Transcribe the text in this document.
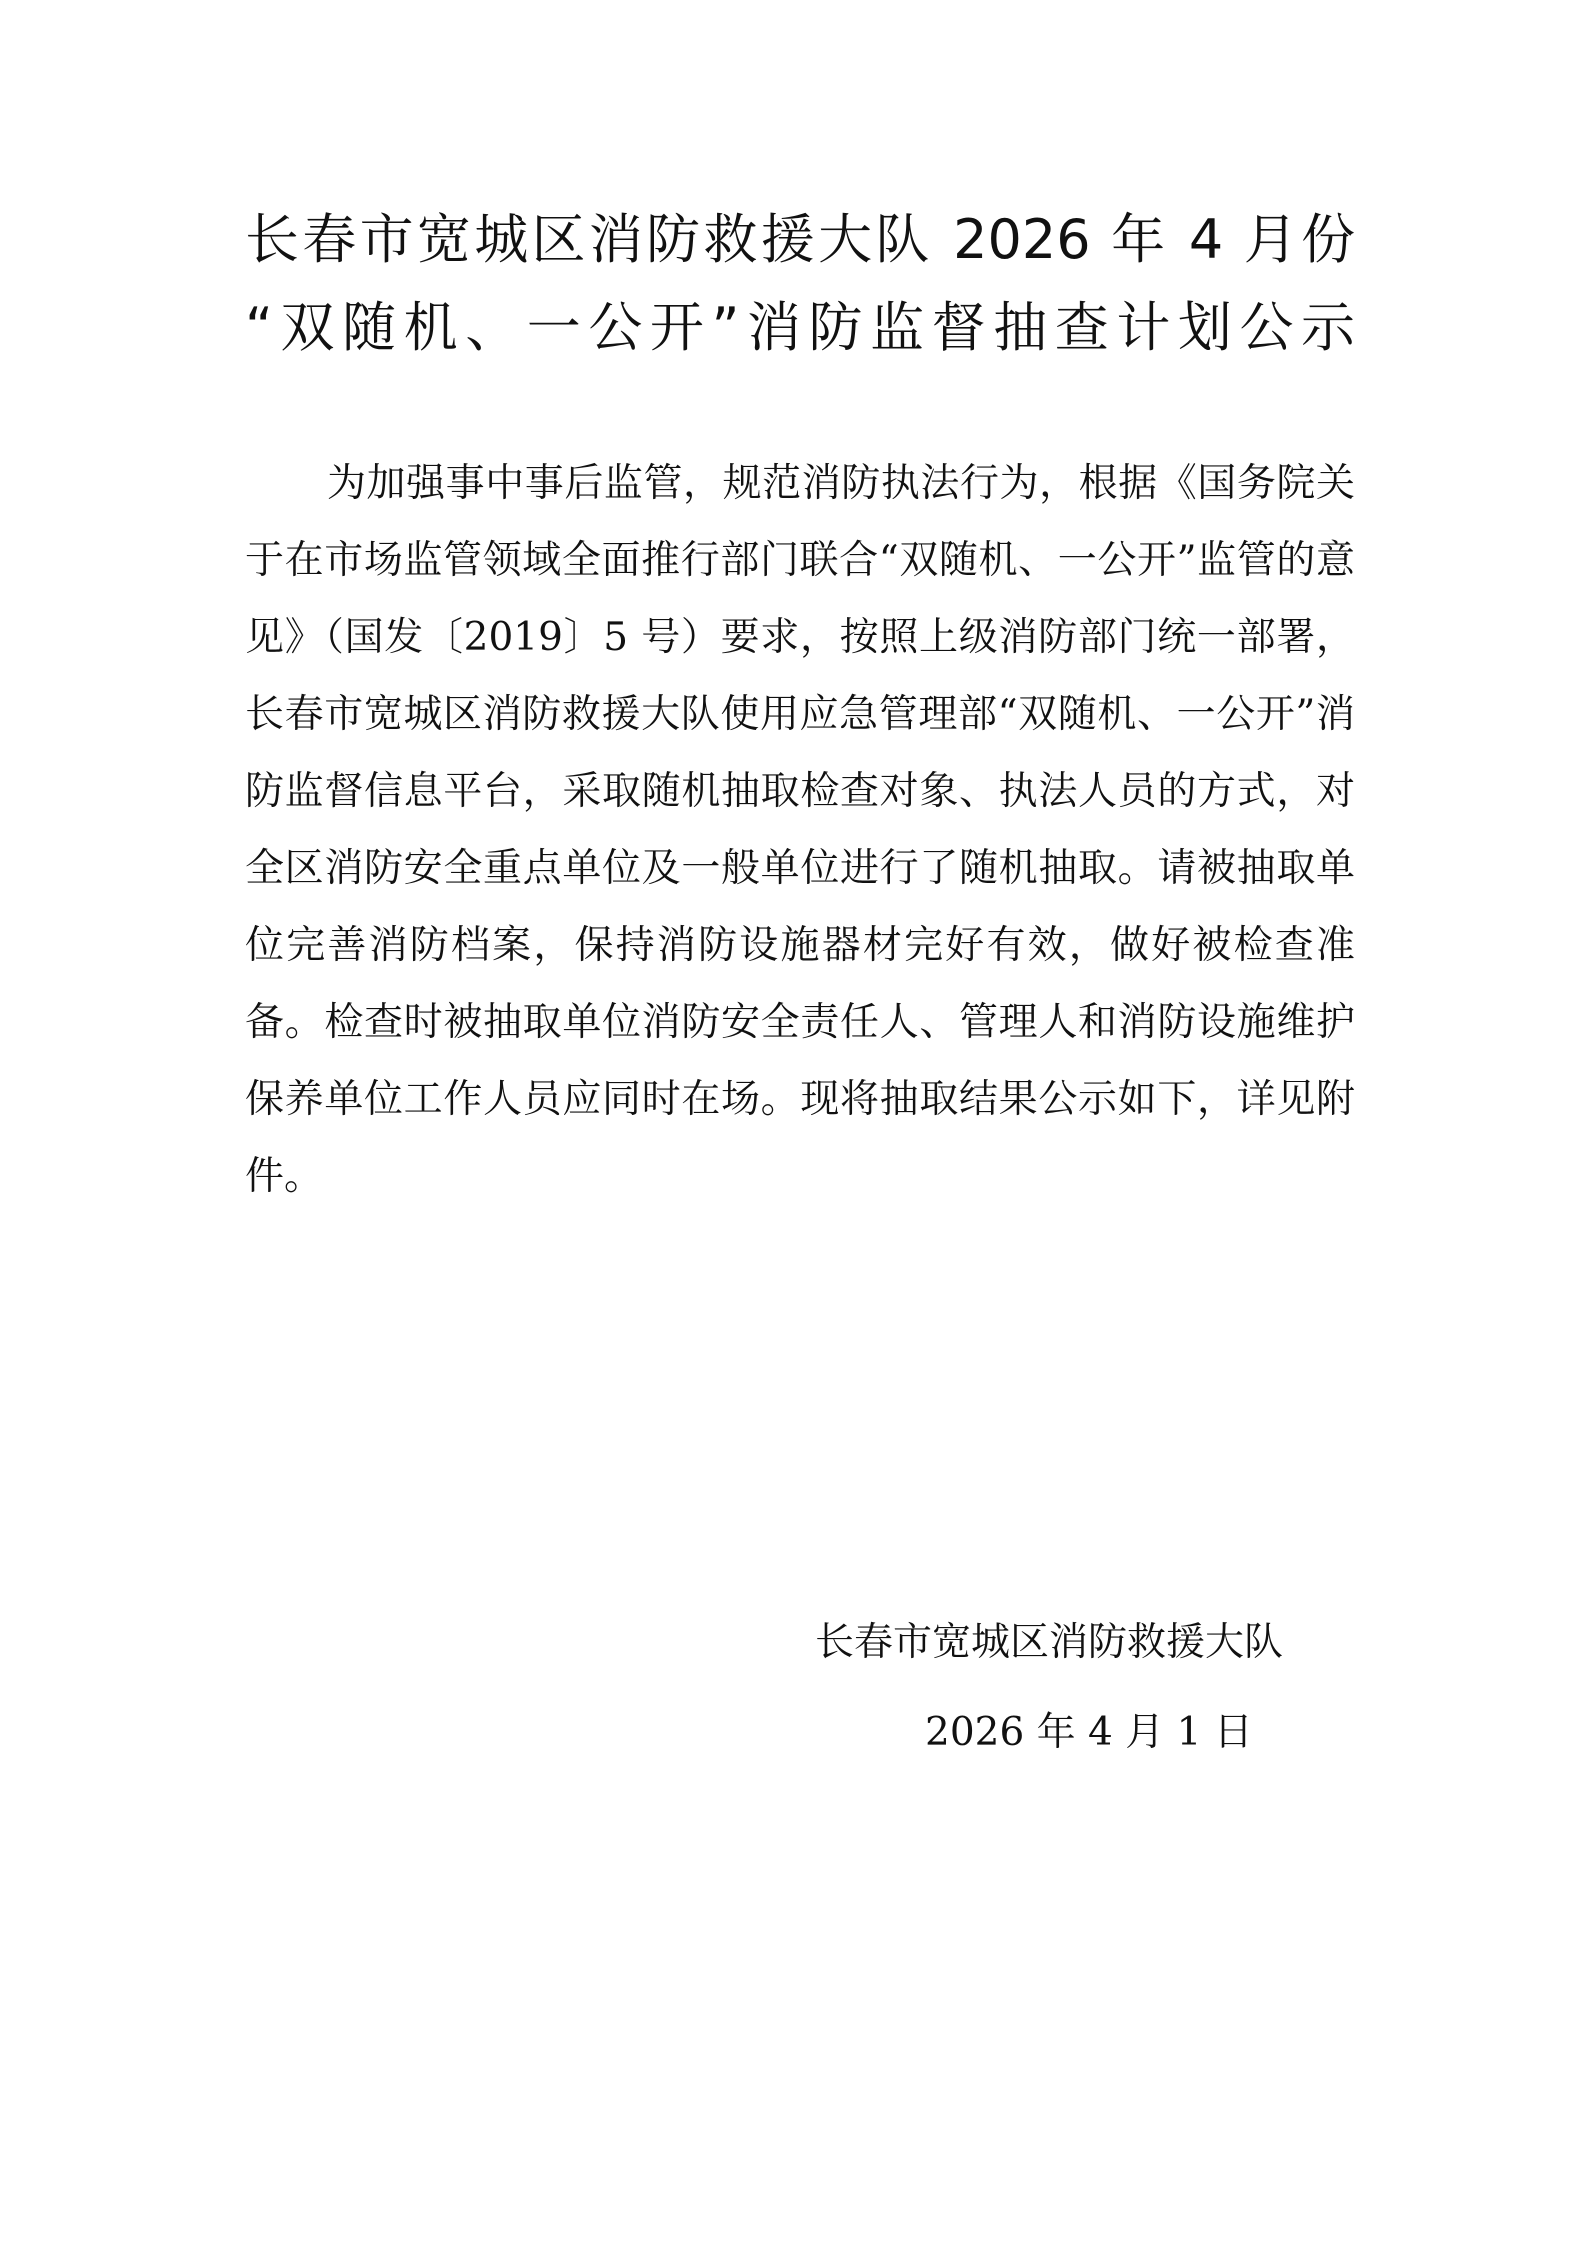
长春市宽城区消防救援大队 2026 年 4 月份
“双随机、一公开”消防监督抽查计划公示

为加强事中事后监管，规范消防执法行为，根据《国务院关于在市场监管领域全面推行部门联合“双随机、一公开”监管的意见》（国发〔2019〕5 号）要求，按照上级消防部门统一部署，长春市宽城区消防救援大队使用应急管理部“双随机、一公开”消防监督信息平台，采取随机抽取检查对象、执法人员的方式，对全区消防安全重点单位及一般单位进行了随机抽取。请被抽取单位完善消防档案，保持消防设施器材完好有效，做好被检查准备。检查时被抽取单位消防安全责任人、管理人和消防设施维护保养单位工作人员应同时在场。现将抽取结果公示如下，详见附件。

长春市宽城区消防救援大队

2026 年 4 月 1 日
